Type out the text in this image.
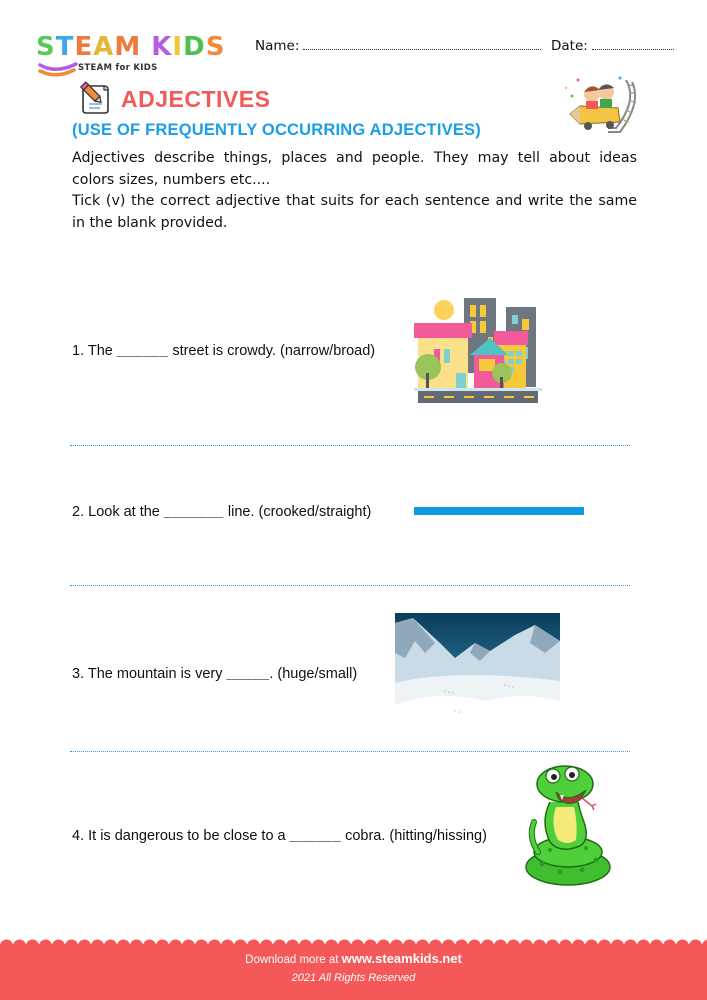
STEAM KIDS
STEAM for KIDS
Name:	Date:
ADJECTIVES
(USE OF FREQUENTLY OCCURRING ADJECTIVES)

Adjectives describe things, places and people. They may tell about ideas

colors sizes, numbers etc....

Tick (v) the correct adjective that suits for each sentence and write the same

in the blank provided.

1. The ______ street is crowdy. (narrow/broad)
2. Look at the _______ line. (crooked/straight)
3. The mountain is very _____. (huge/small)
4. It is dangerous to be close to a ______ cobra. (hitting/hissing)
Download more at www.steamkids.net
2021 All Rights Reserved
